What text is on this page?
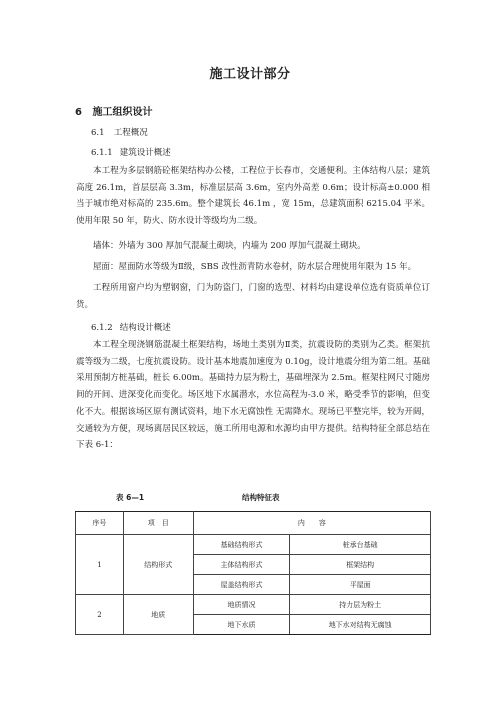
施工设计部分
6 施工组织设计
6.1 工程概况
6.1.1 建筑设计概述
本工程为多层钢筋砼框架结构办公楼，工程位于长春市，交通便利。主体结构八层；建筑高度 26.1m，首层层高 3.3m，标准层层高 3.6m，室内外高差 0.6m；设计标高±0.000 相当于城市绝对标高的 235.6m。整个建筑长 46.1m ，宽 15m，总建筑面积 6215.04 平米。使用年限 50 年，防火、防水设计等级均为二级。
墙体：外墙为 300 厚加气混凝土砌块，内墙为 200 厚加气混凝土砌块。
屋面：屋面防水等级为Ⅱ级，SBS 改性沥青防水卷材，防水层合理使用年限为 15 年。
工程所用窗户均为塑钢窗，门为防盗门，门窗的选型、材料均由建设单位选有资质单位订货。
6.1.2 结构设计概述
本工程全现浇钢筋混凝土框架结构，场地土类别为Ⅱ类，抗震设防的类别为乙类。框架抗震等级为二级，七度抗震设防。设计基本地震加速度为 0.10g，设计地震分组为第二组。基础采用预制方桩基础，桩长 6.00m。基础持力层为粉土，基础埋深为 2.5m。框架柱网尺寸随房间的开间、进深变化而变化。场区地下水属潜水，水位高程为-3.0 米，略受季节的影响，但变化不大。根据该场区原有测试资料，地下水无腐蚀性 无需降水。现场已平整完毕，较为开阔，交通较为方便，现场离居民区较远，施工所用电源和水源均由甲方提供。结构特征全部总结在下表 6-1：
表 6—1	结构特征表
序号	项　目	内　　容	
1	结构形式	基础结构形式	桩承台基础
		主体结构形式	框架结构
		屋盖结构形式	平屋面
2	地质	地质情况	持力层为粉土
		地下水质	地下水对结构无腐蚀
